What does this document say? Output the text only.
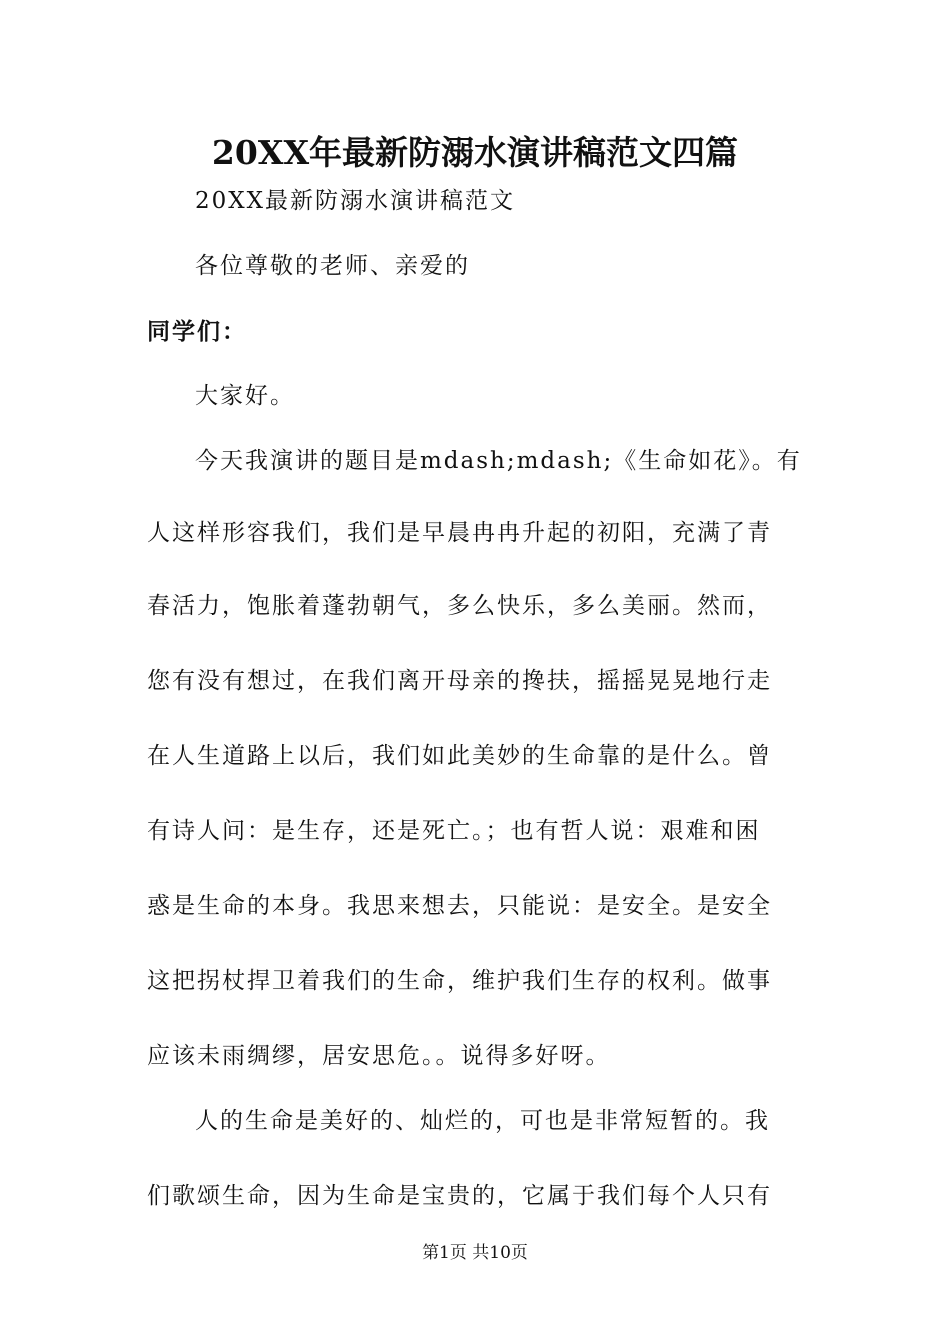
20XX年最新防溺水演讲稿范文四篇
20XX最新防溺水演讲稿范文
各位尊敬的老师、亲爱的
同学们：
大家好。
今天我演讲的题目是mdash;mdash;《生命如花》。有
人这样形容我们，我们是早晨冉冉升起的初阳，充满了青
春活力，饱胀着蓬勃朝气，多么快乐，多么美丽。然而，
您有没有想过，在我们离开母亲的搀扶，摇摇晃晃地行走
在人生道路上以后，我们如此美妙的生命靠的是什么。曾
有诗人问：是生存，还是死亡。；也有哲人说：艰难和困
惑是生命的本身。我思来想去，只能说：是安全。是安全
这把拐杖捍卫着我们的生命，维护我们生存的权利。做事
应该未雨绸缪，居安思危。。说得多好呀。
人的生命是美好的、灿烂的，可也是非常短暂的。我
们歌颂生命，因为生命是宝贵的，它属于我们每个人只有
第1页 共10页
